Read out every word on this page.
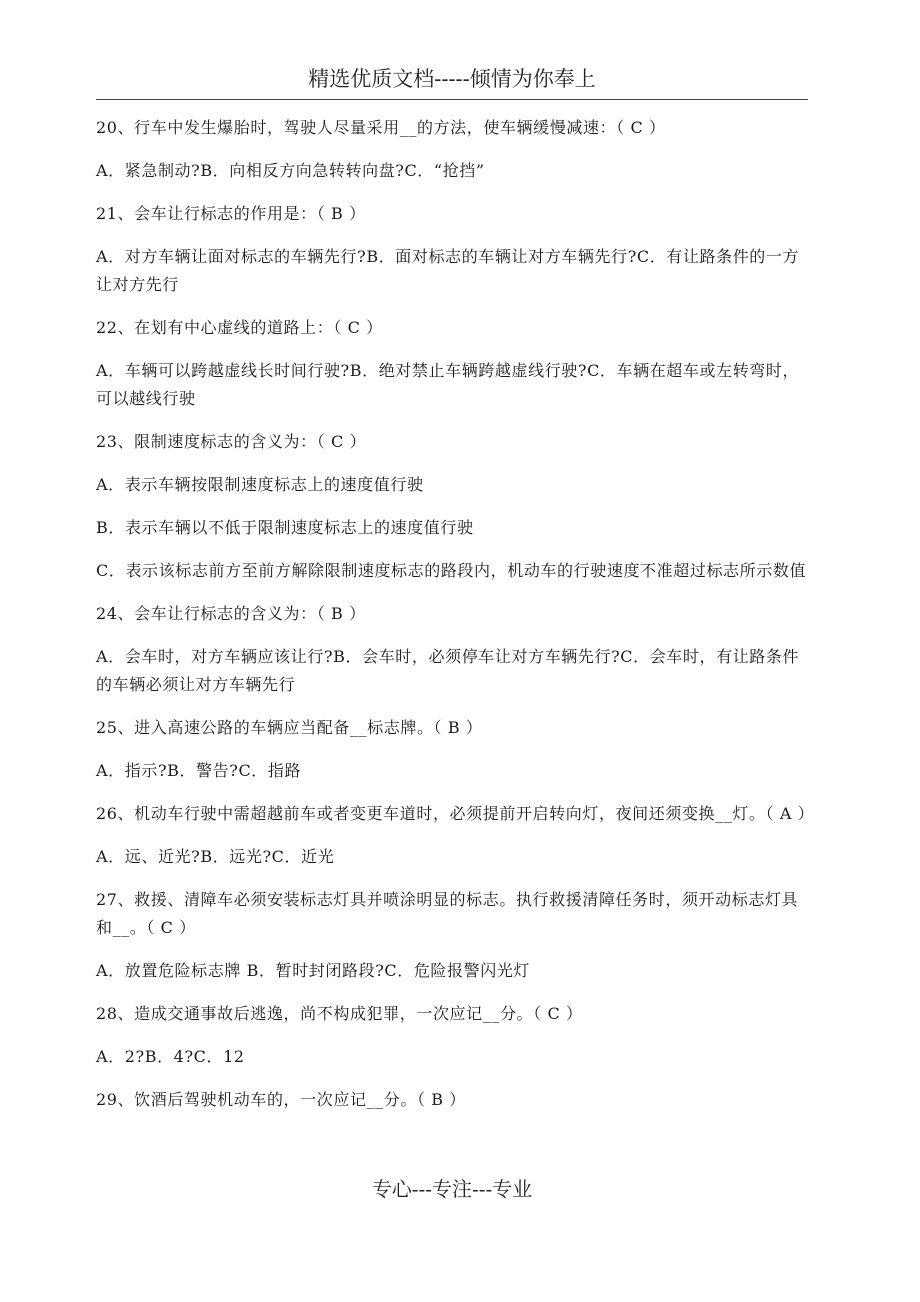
精选优质文档-----倾情为你奉上

20、行车中发生爆胎时，驾驶人尽量采用__的方法，使车辆缓慢减速：（ C ）

A．紧急制动?B．向相反方向急转转向盘?C．“抢挡”

21、会车让行标志的作用是：（ B ）

A．对方车辆让面对标志的车辆先行?B．面对标志的车辆让对方车辆先行?C．有让路条件的一方让对方先行

22、在划有中心虚线的道路上：（ C ）

A．车辆可以跨越虚线长时间行驶?B．绝对禁止车辆跨越虚线行驶?C．车辆在超车或左转弯时，可以越线行驶

23、限制速度标志的含义为：（ C ）

A．表示车辆按限制速度标志上的速度值行驶

B．表示车辆以不低于限制速度标志上的速度值行驶

C．表示该标志前方至前方解除限制速度标志的路段内，机动车的行驶速度不准超过标志所示数值

24、会车让行标志的含义为：（ B ）

A．会车时，对方车辆应该让行?B．会车时，必须停车让对方车辆先行?C．会车时，有让路条件的车辆必须让对方车辆先行

25、进入高速公路的车辆应当配备__标志牌。（ B ）

A．指示?B．警告?C．指路

26、机动车行驶中需超越前车或者变更车道时，必须提前开启转向灯，夜间还须变换__灯。（ A ）

A．远、近光?B．远光?C．近光

27、救援、清障车必须安装标志灯具并喷涂明显的标志。执行救援清障任务时，须开动标志灯具和__。（ C ）

A．放置危险标志牌 B．暂时封闭路段?C．危险报警闪光灯

28、造成交通事故后逃逸，尚不构成犯罪，一次应记__分。（ C ）

A．2?B．4?C．12

29、饮酒后驾驶机动车的，一次应记__分。（ B ）

专心---专注---专业
